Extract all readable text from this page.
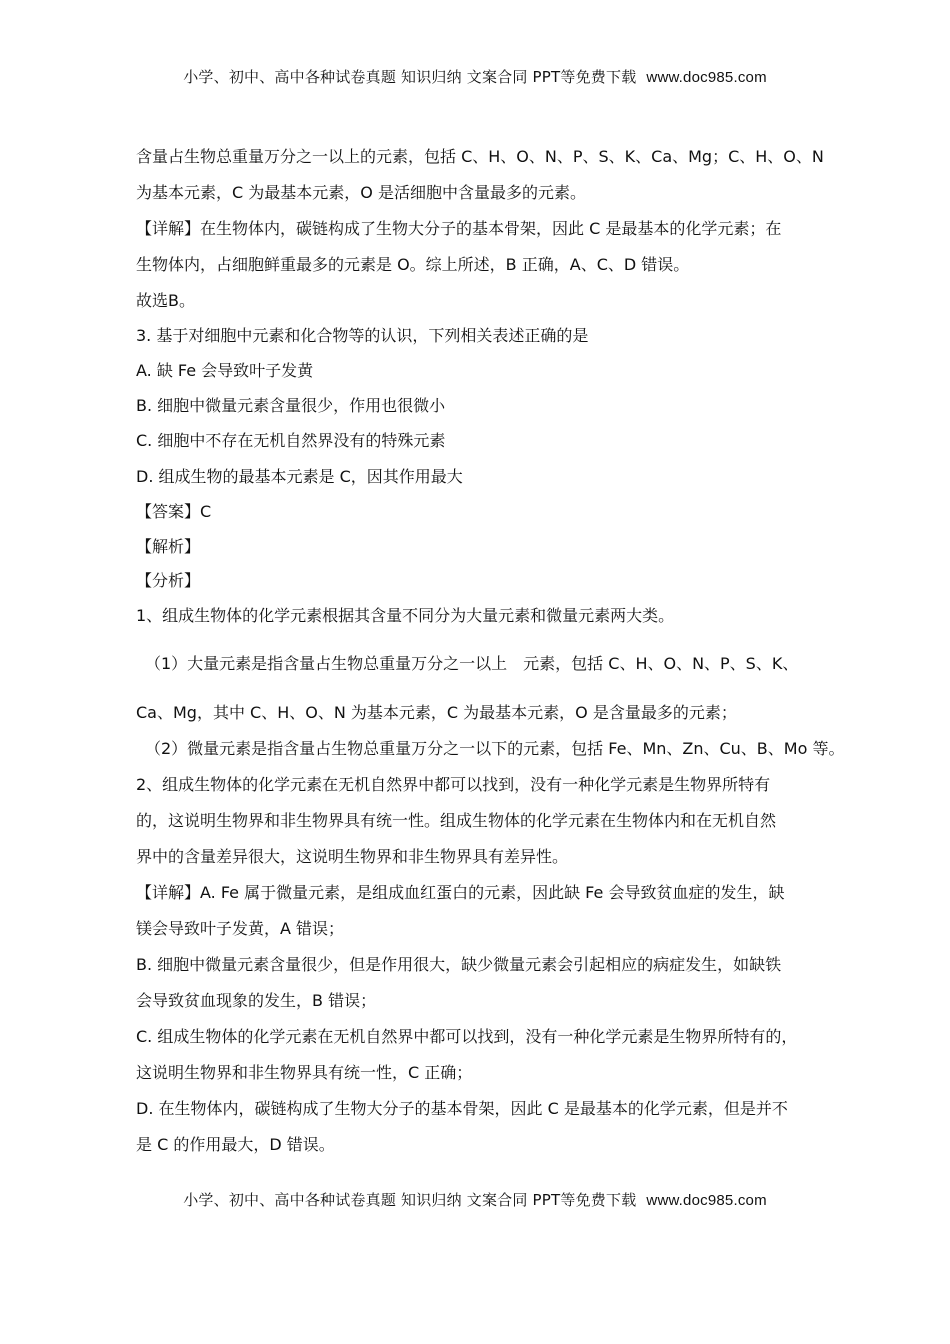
小学、初中、高中各种试卷真题 知识归纳 文案合同 PPT等免费下载 www.doc985.com
含量占生物总重量万分之一以上的元素，包括 C、H、O、N、P、S、K、Ca、Mg；C、H、O、N
为基本元素，C 为最基本元素，O 是活细胞中含量最多的元素。
【详解】在生物体内，碳链构成了生物大分子的基本骨架，因此 C 是最基本的化学元素；在
生物体内，占细胞鲜重最多的元素是 O。综上所述，B 正确，A、C、D 错误。
故选B。
3. 基于对细胞中元素和化合物等的认识，下列相关表述正确的是
A. 缺 Fe 会导致叶子发黄
B. 细胞中微量元素含量很少，作用也很微小
C. 细胞中不存在无机自然界没有的特殊元素
D. 组成生物的最基本元素是 C，因其作用最大
【答案】C
【解析】
【分析】
1、组成生物体的化学元素根据其含量不同分为大量元素和微量元素两大类。
（1）大量元素是指含量占生物总重量万分之一以上　元素，包括 C、H、O、N、P、S、K、
Ca、Mg，其中 C、H、O、N 为基本元素，C 为最基本元素，O 是含量最多的元素；
（2）微量元素是指含量占生物总重量万分之一以下的元素，包括 Fe、Mn、Zn、Cu、B、Mo 等。
2、组成生物体的化学元素在无机自然界中都可以找到，没有一种化学元素是生物界所特有
的，这说明生物界和非生物界具有统一性。组成生物体的化学元素在生物体内和在无机自然
界中的含量差异很大，这说明生物界和非生物界具有差异性。
【详解】A. Fe 属于微量元素，是组成血红蛋白的元素，因此缺 Fe 会导致贫血症的发生，缺
镁会导致叶子发黄，A 错误；
B. 细胞中微量元素含量很少，但是作用很大，缺少微量元素会引起相应的病症发生，如缺铁
会导致贫血现象的发生，B 错误；
C. 组成生物体的化学元素在无机自然界中都可以找到，没有一种化学元素是生物界所特有的，
这说明生物界和非生物界具有统一性，C 正确；
D. 在生物体内，碳链构成了生物大分子的基本骨架，因此 C 是最基本的化学元素，但是并不
是 C 的作用最大，D 错误。
小学、初中、高中各种试卷真题 知识归纳 文案合同 PPT等免费下载 www.doc985.com
